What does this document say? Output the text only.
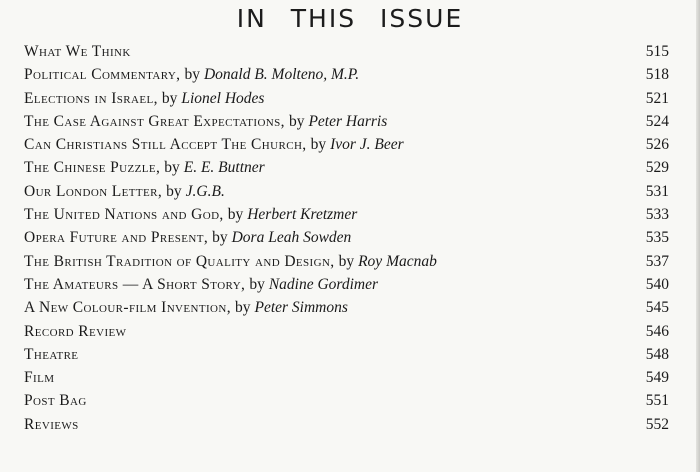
IN THIS ISSUE
What We Think	515
Political Commentary, by Donald B. Molteno, M.P.	518
Elections in Israel, by Lionel Hodes	521
The Case Against Great Expectations, by Peter Harris	524
Can Christians Still Accept The Church, by Ivor J. Beer	526
The Chinese Puzzle, by E. E. Buttner	529
Our London Letter, by J.G.B.	531
The United Nations and God, by Herbert Kretzmer	533
Opera Future and Present, by Dora Leah Sowden	535
The British Tradition of Quality and Design, by Roy Macnab	537
The Amateurs — A Short Story, by Nadine Gordimer	540
A New Colour-film Invention, by Peter Simmons	545
Record Review	546
Theatre	548
Film	549
Post Bag	551
Reviews	552
